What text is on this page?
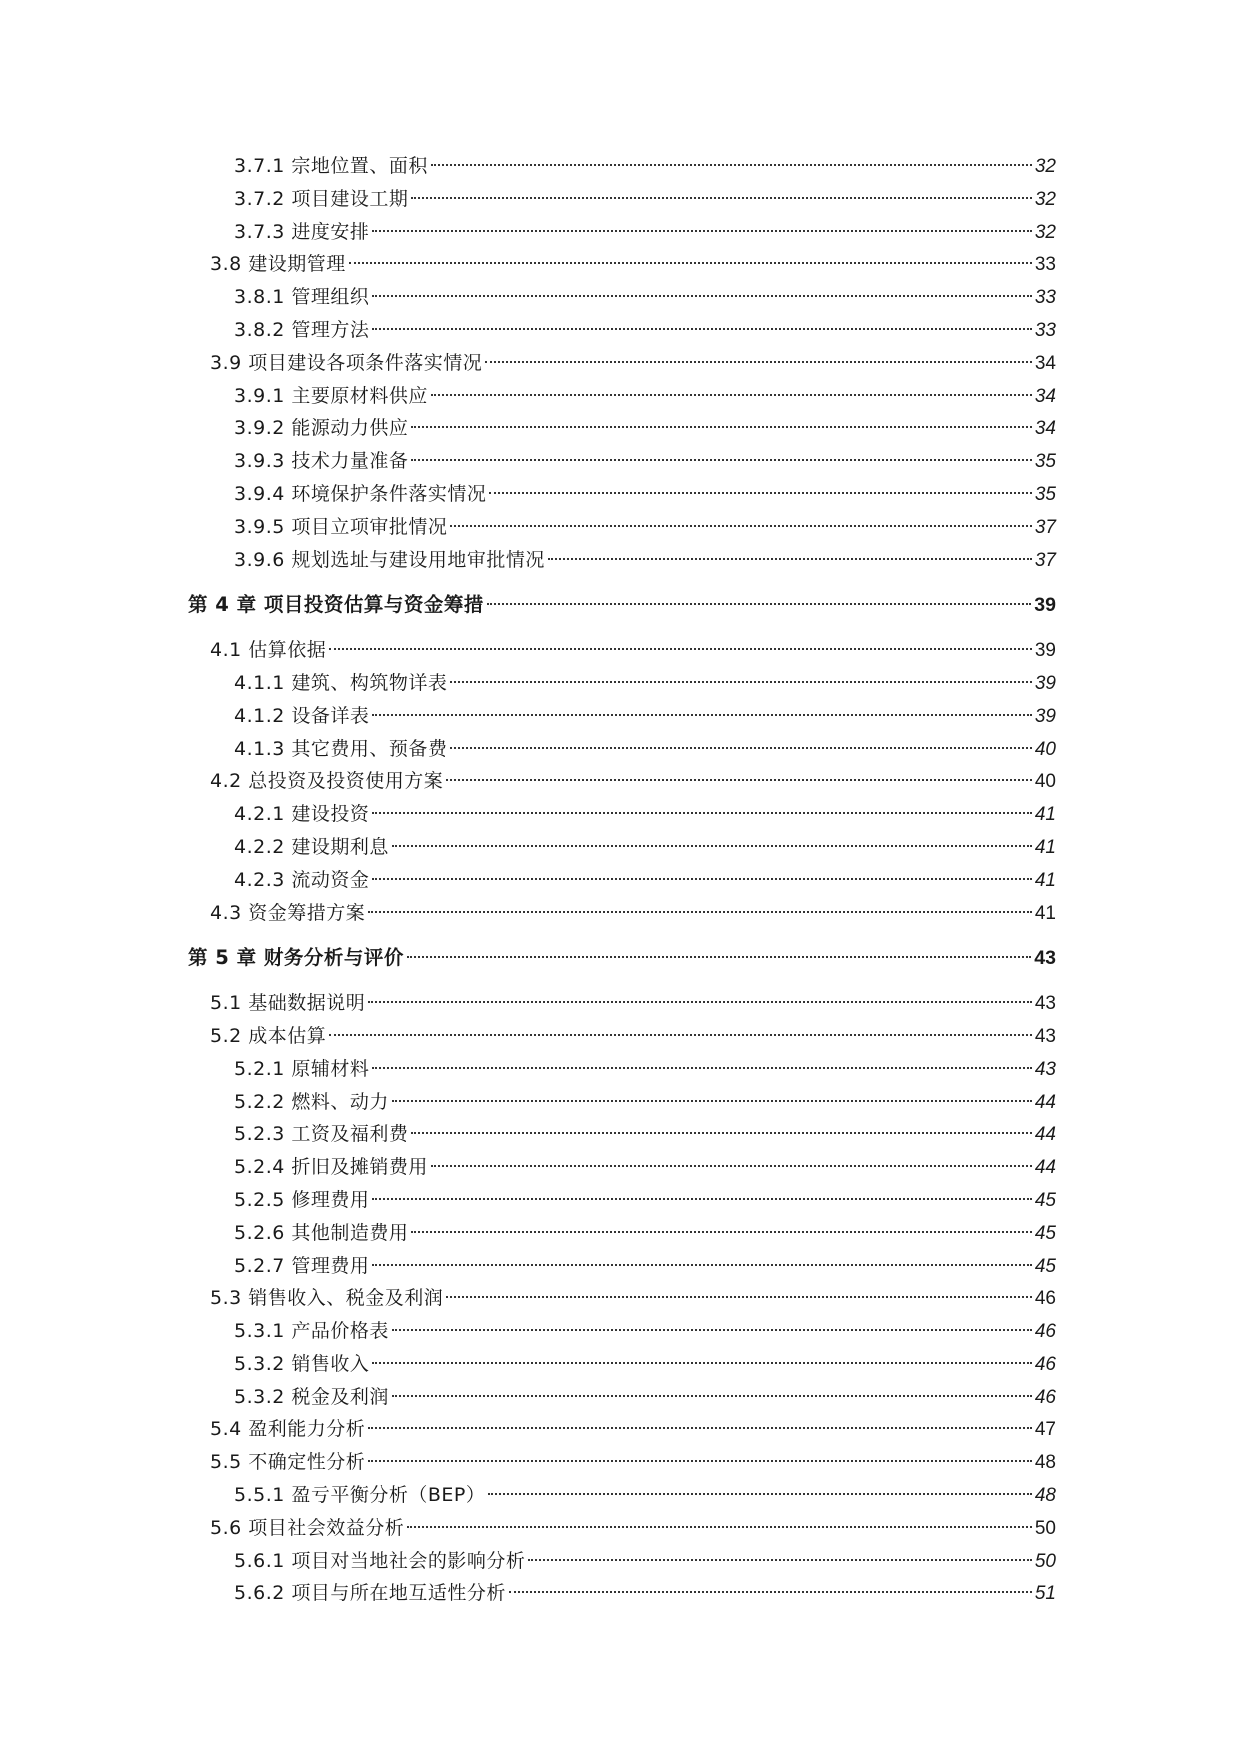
3.7.1 宗地位置、面积	32
3.7.2 项目建设工期	32
3.7.3 进度安排	32
3.8 建设期管理	33
3.8.1 管理组织	33
3.8.2 管理方法	33
3.9 项目建设各项条件落实情况	34
3.9.1 主要原材料供应	34
3.9.2 能源动力供应	34
3.9.3 技术力量准备	35
3.9.4 环境保护条件落实情况	35
3.9.5 项目立项审批情况	37
3.9.6 规划选址与建设用地审批情况	37
第 4 章 项目投资估算与资金筹措	39
4.1 估算依据	39
4.1.1 建筑、构筑物详表	39
4.1.2 设备详表	39
4.1.3 其它费用、预备费	40
4.2 总投资及投资使用方案	40
4.2.1 建设投资	41
4.2.2 建设期利息	41
4.2.3 流动资金	41
4.3 资金筹措方案	41
第 5 章 财务分析与评价	43
5.1 基础数据说明	43
5.2 成本估算	43
5.2.1 原辅材料	43
5.2.2 燃料、动力	44
5.2.3 工资及福利费	44
5.2.4 折旧及摊销费用	44
5.2.5 修理费用	45
5.2.6 其他制造费用	45
5.2.7 管理费用	45
5.3 销售收入、税金及利润	46
5.3.1 产品价格表	46
5.3.2 销售收入	46
5.3.2 税金及利润	46
5.4 盈利能力分析	47
5.5 不确定性分析	48
5.5.1 盈亏平衡分析（BEP）	48
5.6 项目社会效益分析	50
5.6.1 项目对当地社会的影响分析	50
5.6.2 项目与所在地互适性分析	51
